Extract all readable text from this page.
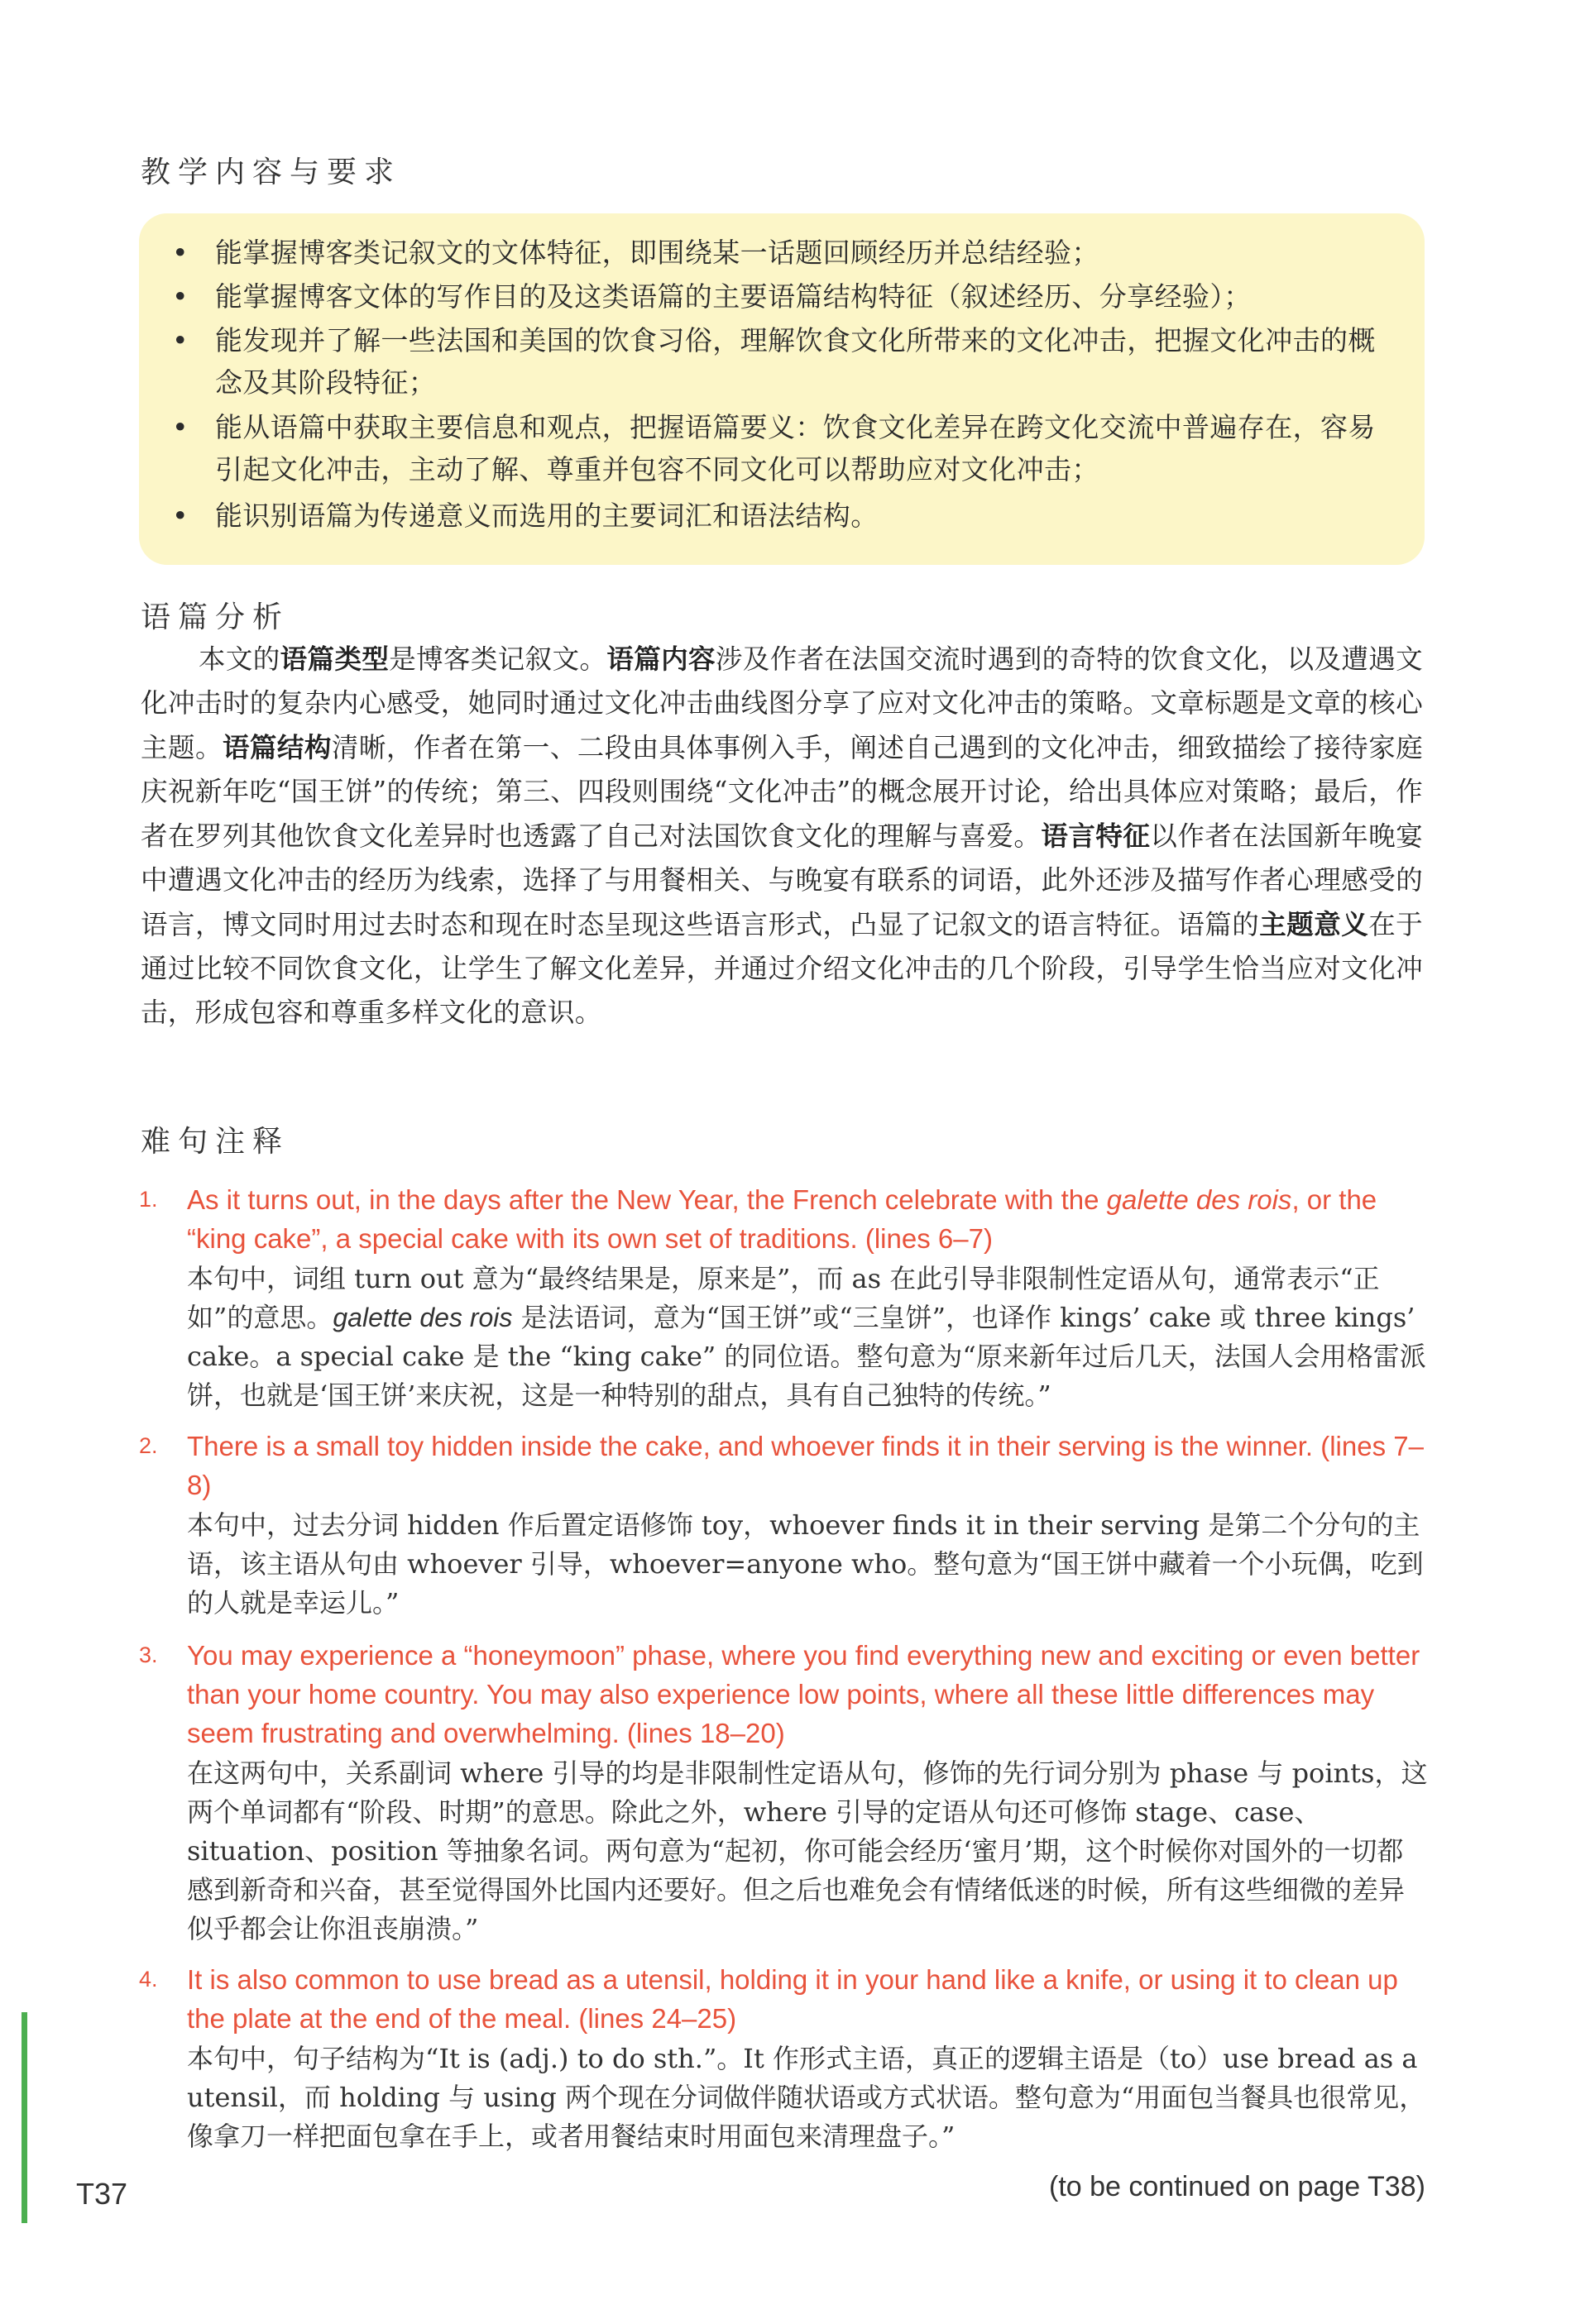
教学内容与要求
• 能掌握博客类记叙文的文体特征，即围绕某一话题回顾经历并总结经验；
• 能掌握博客文体的写作目的及这类语篇的主要语篇结构特征（叙述经历、分享经验）；
• 能发现并了解一些法国和美国的饮食习俗，理解饮食文化所带来的文化冲击，把握文化冲击的概念及其阶段特征；
• 能从语篇中获取主要信息和观点，把握语篇要义：饮食文化差异在跨文化交流中普遍存在，容易引起文化冲击，主动了解、尊重并包容不同文化可以帮助应对文化冲击；
• 能识别语篇为传递意义而选用的主要词汇和语法结构。
语篇分析

本文的语篇类型是博客类记叙文。语篇内容涉及作者在法国交流时遇到的奇特的饮食文化，以及遭遇文化冲击时的复杂内心感受，她同时通过文化冲击曲线图分享了应对文化冲击的策略。文章标题是文章的核心主题。语篇结构清晰，作者在第一、二段由具体事例入手，阐述自己遇到的文化冲击，细致描绘了接待家庭庆祝新年吃“国王饼”的传统；第三、四段则围绕“文化冲击”的概念展开讨论，给出具体应对策略；最后，作者在罗列其他饮食文化差异时也透露了自己对法国饮食文化的理解与喜爱。语言特征以作者在法国新年晚宴中遭遇文化冲击的经历为线索，选择了与用餐相关、与晚宴有联系的词语，此外还涉及描写作者心理感受的语言，博文同时用过去时态和现在时态呈现这些语言形式，凸显了记叙文的语言特征。语篇的主题意义在于通过比较不同饮食文化，让学生了解文化差异，并通过介绍文化冲击的几个阶段，引导学生恰当应对文化冲击，形成包容和尊重多样文化的意识。

难句注释
1. As it turns out, in the days after the New Year, the French celebrate with the galette des rois, or the “king cake”, a special cake with its own set of traditions. (lines 6–7)
本句中，词组 turn out 意为“最终结果是，原来是”，而 as 在此引导非限制性定语从句，通常表示“正如”的意思。galette des rois 是法语词，意为“国王饼”或“三皇饼”，也译作 kings’ cake 或 three kings’ cake。a special cake 是 the “king cake” 的同位语。整句意为“原来新年过后几天，法国人会用格雷派饼，也就是‘国王饼’来庆祝，这是一种特别的甜点，具有自己独特的传统。”
2. There is a small toy hidden inside the cake, and whoever finds it in their serving is the winner. (lines 7–8)
本句中，过去分词 hidden 作后置定语修饰 toy，whoever finds it in their serving 是第二个分句的主语，该主语从句由 whoever 引导，whoever=anyone who。整句意为“国王饼中藏着一个小玩偶，吃到的人就是幸运儿。”
3. You may experience a “honeymoon” phase, where you find everything new and exciting or even better than your home country. You may also experience low points, where all these little differences may seem frustrating and overwhelming. (lines 18–20)
在这两句中，关系副词 where 引导的均是非限制性定语从句，修饰的先行词分别为 phase 与 points，这两个单词都有“阶段、时期”的意思。除此之外，where 引导的定语从句还可修饰 stage、case、situation、position 等抽象名词。两句意为“起初，你可能会经历‘蜜月’期，这个时候你对国外的一切都感到新奇和兴奋，甚至觉得国外比国内还要好。但之后也难免会有情绪低迷的时候，所有这些细微的差异似乎都会让你沮丧崩溃。”
4. It is also common to use bread as a utensil, holding it in your hand like a knife, or using it to clean up the plate at the end of the meal. (lines 24–25)
本句中，句子结构为“It is (adj.) to do sth.”。It 作形式主语，真正的逻辑主语是（to）use bread as a utensil，而 holding 与 using 两个现在分词做伴随状语或方式状语。整句意为“用面包当餐具也很常见，像拿刀一样把面包拿在手上，或者用餐结束时用面包来清理盘子。”
T37	(to be continued on page T38)
